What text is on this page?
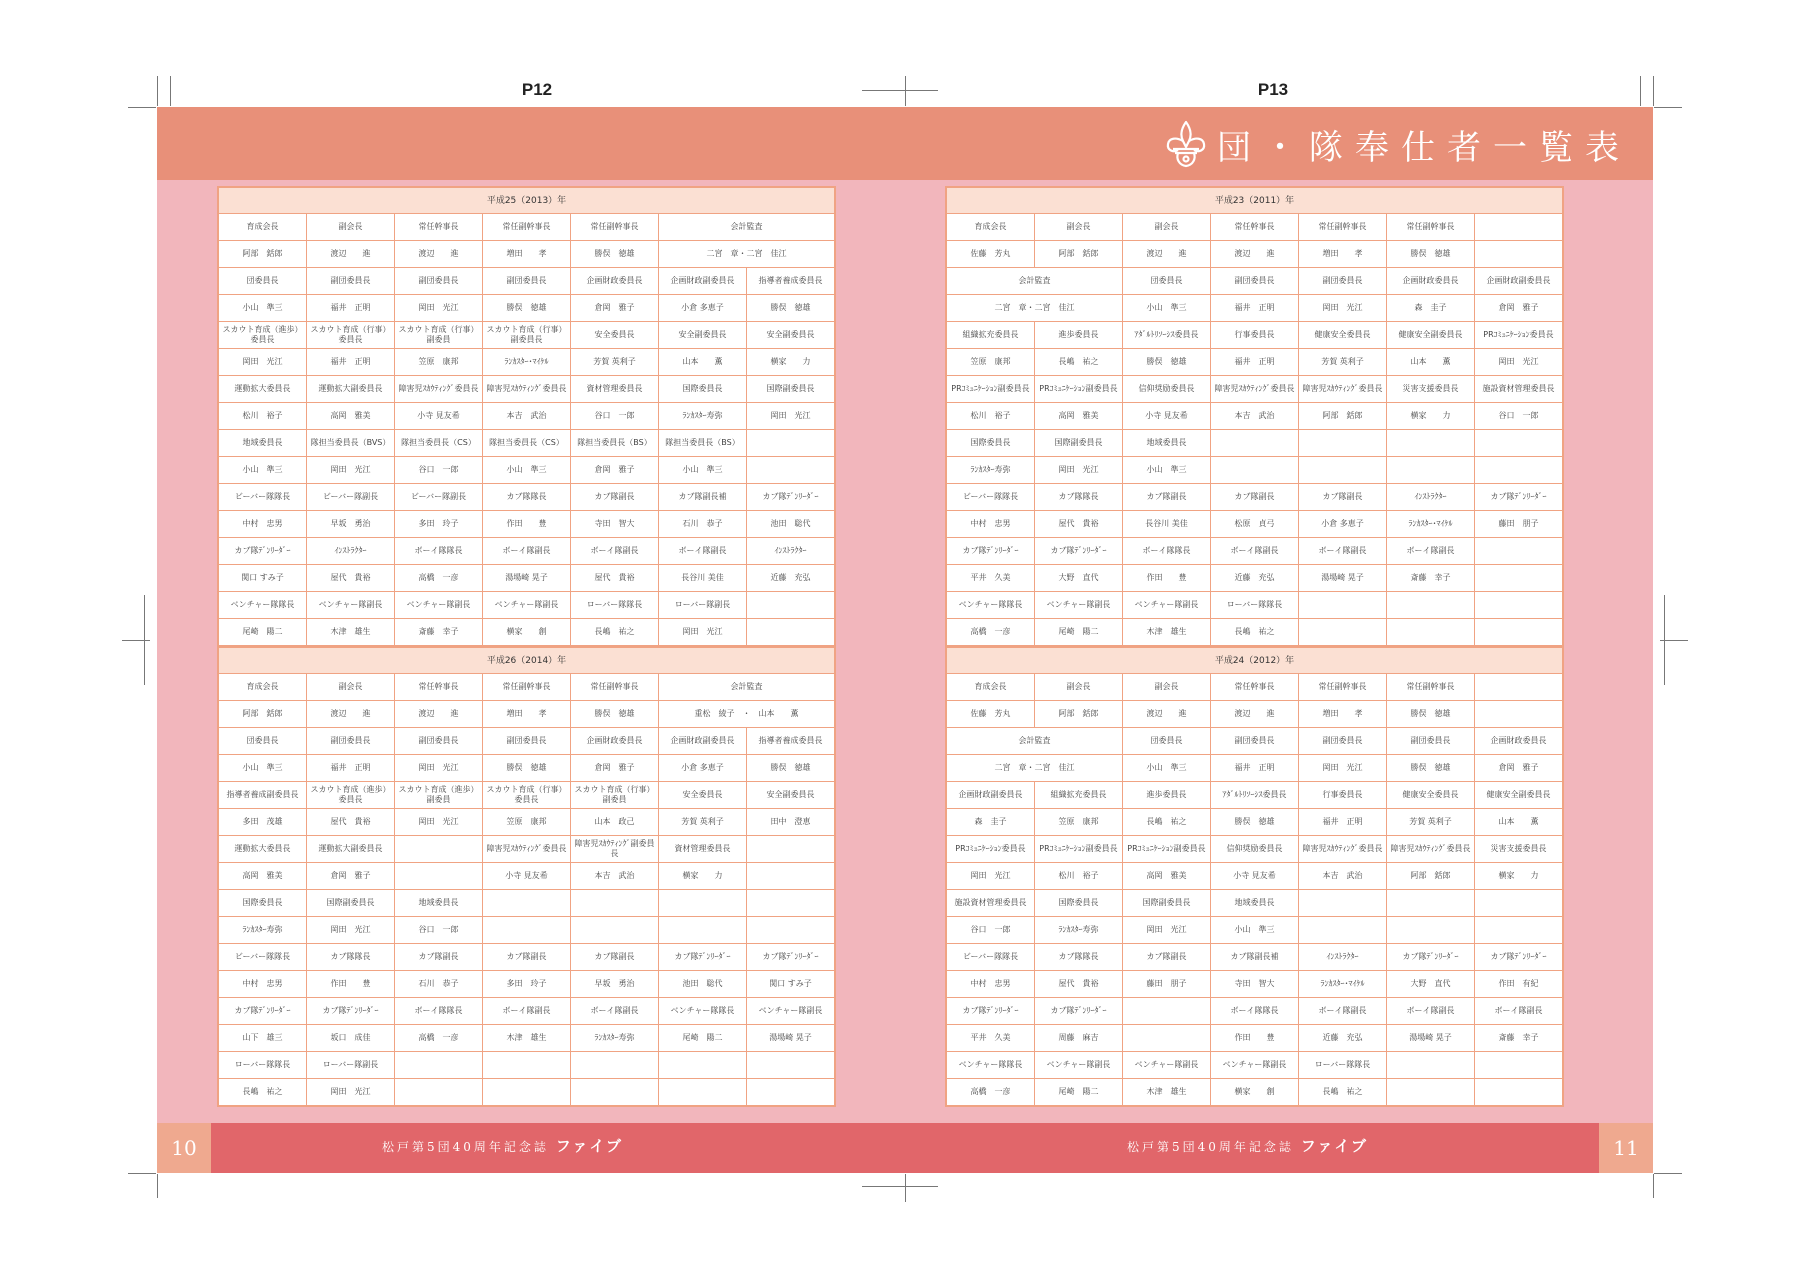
P12	P13
団・隊奉仕者一覧表
平成25（2013）年						
育成会長	副会長	常任幹事長	常任副幹事長	常任副幹事長	会計監査	
阿部　銛郎	渡辺　　進	渡辺　　進	増田　　孝	勝俣　徳雄	二宮　章・二宮　佳江	
団委員長	副団委員長	副団委員長	副団委員長	企画財政委員長	企画財政副委員長	指導者養成委員長
小山　準三	福井　正明	岡田　光江	勝俣　徳雄	倉岡　雅子	小倉 多恵子	勝俣　徳雄
スカウト育成（進歩）委員長	スカウト育成（行事）委員長	スカウト育成（行事）副委員	スカウト育成（行事）副委員長	安全委員長	安全副委員長	安全副委員長
岡田　光江	福井　正明	笠原　康邦	ﾗﾝｶｽﾀｰ･ﾏｲｹﾙ	芳賀 英利子	山本　　薫	横家　　力
運動拡大委員長	運動拡大副委員長	障害児ｽｶｳﾃｨﾝｸﾞ委員長	障害児ｽｶｳﾃｨﾝｸﾞ委員長	資材管理委員長	国際委員長	国際副委員長
松川　裕子	高岡　雅美	小寺 見友希	本吉　武治	谷口　一郎	ﾗﾝｶｽﾀｰ寿弥	岡田　光江
地域委員長	隊担当委員長（BVS）	隊担当委員長（CS）	隊担当委員長（CS）	隊担当委員長（BS）	隊担当委員長（BS）	
小山　準三	岡田　光江	谷口　一郎	小山　準三	倉岡　雅子	小山　準三	
ビーバー隊隊長	ビーバー隊副長	ビーバー隊副長	カブ隊隊長	カブ隊副長	カブ隊副長補	カブ隊ﾃﾞﾝﾘｰﾀﾞｰ
中村　忠男	早坂　勇治	多田　玲子	作田　　豊	寺田　智大	石川　恭子	池田　聡代
カブ隊ﾃﾞﾝﾘｰﾀﾞｰ	ｲﾝｽﾄﾗｸﾀｰ	ボーイ隊隊長	ボーイ隊副長	ボーイ隊副長	ボーイ隊副長	ｲﾝｽﾄﾗｸﾀｰ
関口 すみ子	屋代　貴裕	高橋　一彦	湯場崎 晃子	屋代　貴裕	長谷川 美佳	近藤　充弘
ベンチャー隊隊長	ベンチャー隊副長	ベンチャー隊副長	ベンチャー隊副長	ローバー隊隊長	ローバー隊副長	
尾崎　陽二	木津　雄生	斎藤　幸子	横家　　創	長嶋　祐之	岡田　光江	
平成26（2014）年						
育成会長	副会長	常任幹事長	常任副幹事長	常任副幹事長	会計監査	
阿部　銛郎	渡辺　　進	渡辺　　進	増田　　孝	勝俣　徳雄	重松　綾子　・　山本　　薫	
団委員長	副団委員長	副団委員長	副団委員長	企画財政委員長	企画財政副委員長	指導者養成委員長
小山　準三	福井　正明	岡田　光江	勝俣　徳雄	倉岡　雅子	小倉 多恵子	勝俣　徳雄
指導者養成副委員長	スカウト育成（進歩）委員長	スカウト育成（進歩）副委員	スカウト育成（行事）委員長	スカウト育成（行事）副委員	安全委員長	安全副委員長
多田　茂雄	屋代　貴裕	岡田　光江	笠原　康邦	山本　政己	芳賀 英利子	田中　澄恵
運動拡大委員長	運動拡大副委員長		障害児ｽｶｳﾃｨﾝｸﾞ委員長	障害児ｽｶｳﾃｨﾝｸﾞ副委員長	資材管理委員長	
高岡　雅美	倉岡　雅子		小寺 見友希	本吉　武治	横家　　力	
国際委員長	国際副委員長	地域委員長				
ﾗﾝｶｽﾀｰ寿弥	岡田　光江	谷口　一郎				
ビーバー隊隊長	カブ隊隊長	カブ隊副長	カブ隊副長	カブ隊副長	カブ隊ﾃﾞﾝﾘｰﾀﾞｰ	カブ隊ﾃﾞﾝﾘｰﾀﾞｰ
中村　忠男	作田　　豊	石川　恭子	多田　玲子	早坂　勇治	池田　聡代	関口 すみ子
カブ隊ﾃﾞﾝﾘｰﾀﾞｰ	カブ隊ﾃﾞﾝﾘｰﾀﾞｰ	ボーイ隊隊長	ボーイ隊副長	ボーイ隊副長	ベンチャー隊隊長	ベンチャー隊副長
山下　雄三	坂口　成佳	高橋　一彦	木津　雄生	ﾗﾝｶｽﾀｰ寿弥	尾崎　陽二	湯場崎 晃子
ローバー隊隊長	ローバー隊副長					
長嶋　祐之	岡田　光江					
平成23（2011）年						
育成会長	副会長	副会長	常任幹事長	常任副幹事長	常任副幹事長	
佐藤　芳丸	阿部　銛郎	渡辺　　進	渡辺　　進	増田　　孝	勝俣　徳雄	
会計監査		団委員長	副団委員長	副団委員長	企画財政委員長	企画財政副委員長
二宮　章・二宮　佳江		小山　準三	福井　正明	岡田　光江	森　圭子	倉岡　雅子
組織拡充委員長	進歩委員長	ｱﾀﾞﾙﾄﾘｿｰｼｽ委員長	行事委員長	健康安全委員長	健康安全副委員長	PRｺﾐｭﾆｹｰｼｮﾝ委員長
笠原　康邦	長嶋　祐之	勝俣　徳雄	福井　正明	芳賀 英利子	山本　　薫	岡田　光江
PRｺﾐｭﾆｹｰｼｮﾝ副委員長	PRｺﾐｭﾆｹｰｼｮﾝ副委員長	信仰奨励委員長	障害児ｽｶｳﾃｨﾝｸﾞ委員長	障害児ｽｶｳﾃｨﾝｸﾞ委員長	災害支援委員長	施設資材管理委員長
松川　裕子	高岡　雅美	小寺 見友希	本吉　武治	阿部　銛郎	横家　　力	谷口　一郎
国際委員長	国際副委員長	地域委員長				
ﾗﾝｶｽﾀｰ寿弥	岡田　光江	小山　準三				
ビーバー隊隊長	カブ隊隊長	カブ隊副長	カブ隊副長	カブ隊副長	ｲﾝｽﾄﾗｸﾀｰ	カブ隊ﾃﾞﾝﾘｰﾀﾞｰ
中村　忠男	屋代　貴裕	長谷川 美佳	松原　貞弓	小倉 多恵子	ﾗﾝｶｽﾀｰ･ﾏｲｹﾙ	藤田　朋子
カブ隊ﾃﾞﾝﾘｰﾀﾞｰ	カブ隊ﾃﾞﾝﾘｰﾀﾞｰ	ボーイ隊隊長	ボーイ隊副長	ボーイ隊副長	ボーイ隊副長	
平井　久美	大野　直代	作田　　豊	近藤　充弘	湯場崎 晃子	斎藤　幸子	
ベンチャー隊隊長	ベンチャー隊副長	ベンチャー隊副長	ローバー隊隊長			
高橋　一彦	尾崎　陽二	木津　雄生	長嶋　祐之			
平成24（2012）年						
育成会長	副会長	副会長	常任幹事長	常任副幹事長	常任副幹事長	
佐藤　芳丸	阿部　銛郎	渡辺　　進	渡辺　　進	増田　　孝	勝俣　徳雄	
会計監査		団委員長	副団委員長	副団委員長	副団委員長	企画財政委員長
二宮　章・二宮　佳江		小山　準三	福井　正明	岡田　光江	勝俣　徳雄	倉岡　雅子
企画財政副委員長	組織拡充委員長	進歩委員長	ｱﾀﾞﾙﾄﾘｿｰｼｽ委員長	行事委員長	健康安全委員長	健康安全副委員長
森　圭子	笠原　康邦	長嶋　祐之	勝俣　徳雄	福井　正明	芳賀 英利子	山本　　薫
PRｺﾐｭﾆｹｰｼｮﾝ委員長	PRｺﾐｭﾆｹｰｼｮﾝ副委員長	PRｺﾐｭﾆｹｰｼｮﾝ副委員長	信仰奨励委員長	障害児ｽｶｳﾃｨﾝｸﾞ委員長	障害児ｽｶｳﾃｨﾝｸﾞ委員長	災害支援委員長
岡田　光江	松川　裕子	高岡　雅美	小寺 見友希	本吉　武治	阿部　銛郎	横家　　力
施設資材管理委員長	国際委員長	国際副委員長	地域委員長			
谷口　一郎	ﾗﾝｶｽﾀｰ寿弥	岡田　光江	小山　準三			
ビーバー隊隊長	カブ隊隊長	カブ隊副長	カブ隊副長補	ｲﾝｽﾄﾗｸﾀｰ	カブ隊ﾃﾞﾝﾘｰﾀﾞｰ	カブ隊ﾃﾞﾝﾘｰﾀﾞｰ
中村　忠男	屋代　貴裕	藤田　朋子	寺田　智大	ﾗﾝｶｽﾀｰ･ﾏｲｹﾙ	大野　直代	作田　有紀
カブ隊ﾃﾞﾝﾘｰﾀﾞｰ	カブ隊ﾃﾞﾝﾘｰﾀﾞｰ		ボーイ隊隊長	ボーイ隊副長	ボーイ隊副長	ボーイ隊副長
平井　久美	周藤　麻吉		作田　　豊	近藤　充弘	湯場崎 晃子	斎藤　幸子
ベンチャー隊隊長	ベンチャー隊副長	ベンチャー隊副長	ベンチャー隊副長	ローバー隊隊長		
高橋　一彦	尾崎　陽二	木津　雄生	横家　　創	長嶋　祐之		
10	松戸第5団40周年記念誌 ファイブ	松戸第5団40周年記念誌 ファイブ	11
